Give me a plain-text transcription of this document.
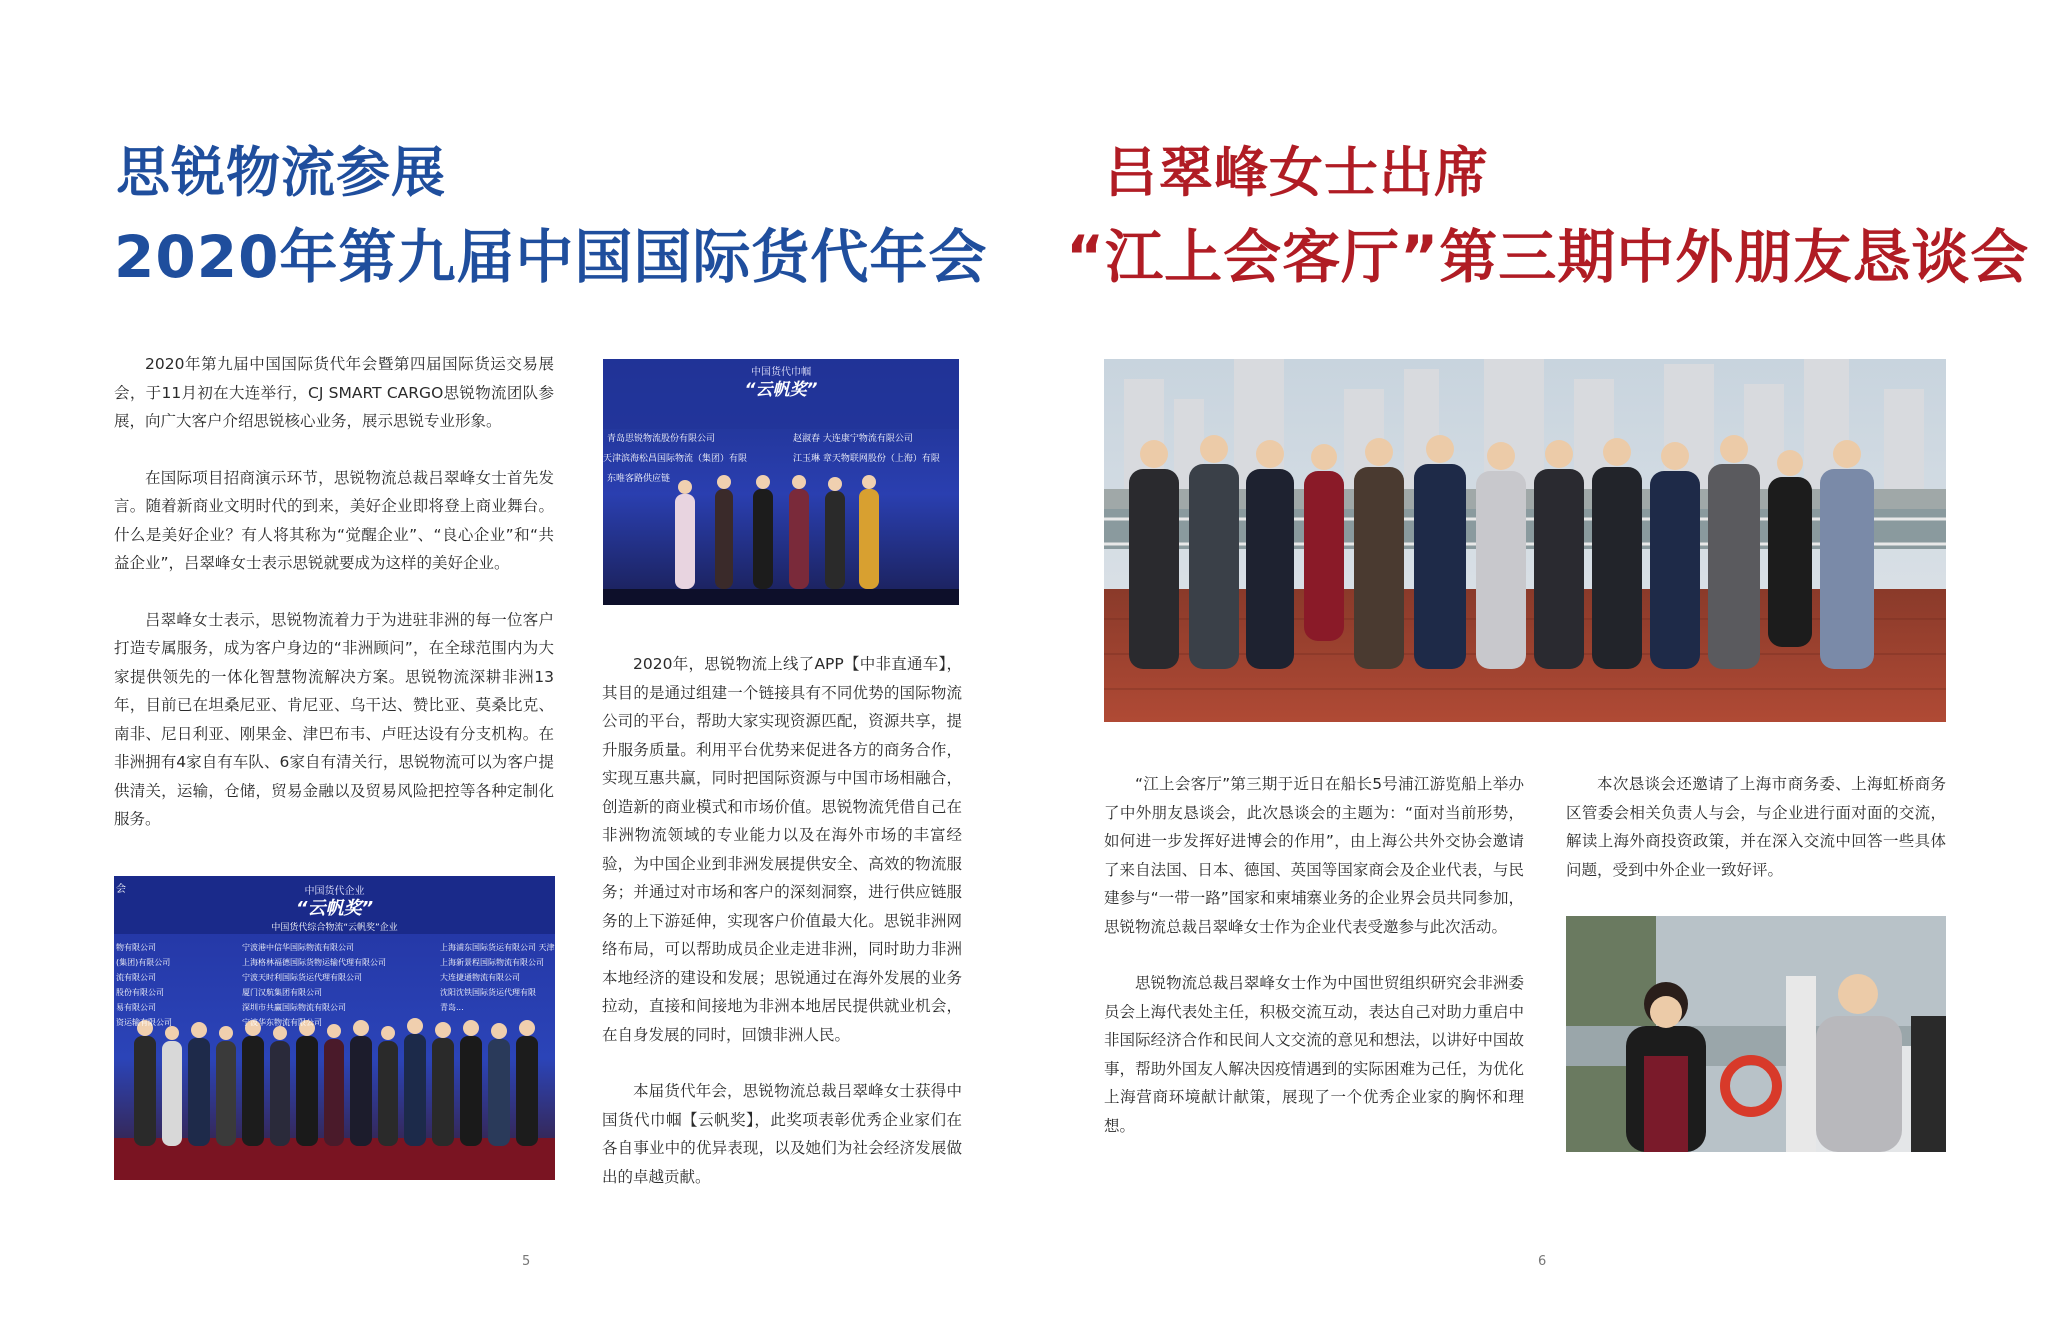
思锐物流参展
2020年第九届中国国际货代年会
吕翠峰女士出席
“江上会客厅”第三期中外朋友恳谈会

2020年第九届中国国际货代年会暨第四届国际货运交易展会，于11月初在大连举行，CJ SMART CARGO思锐物流团队参展，向广大客户介绍思锐核心业务，展示思锐专业形象。

在国际项目招商演示环节，思锐物流总裁吕翠峰女士首先发言。随着新商业文明时代的到来，美好企业即将登上商业舞台。什么是美好企业？有人将其称为“觉醒企业”、“良心企业”和“共益企业”，吕翠峰女士表示思锐就要成为这样的美好企业。

吕翠峰女士表示，思锐物流着力于为进驻非洲的每一位客户打造专属服务，成为客户身边的“非洲顾问”，在全球范围内为大家提供领先的一体化智慧物流解决方案。思锐物流深耕非洲13年，目前已在坦桑尼亚、肯尼亚、乌干达、赞比亚、莫桑比克、南非、尼日利亚、刚果金、津巴布韦、卢旺达设有分支机构。在非洲拥有4家自有车队、6家自有清关行，思锐物流可以为客户提供清关，运输，仓储，贸易金融以及贸易风险把控等各种定制化服务。

2020年，思锐物流上线了APP【中非直通车】，其目的是通过组建一个链接具有不同优势的国际物流公司的平台，帮助大家实现资源匹配，资源共享，提升服务质量。利用平台优势来促进各方的商务合作，实现互惠共赢，同时把国际资源与中国市场相融合，创造新的商业模式和市场价值。思锐物流凭借自己在非洲物流领域的专业能力以及在海外市场的丰富经验，为中国企业到非洲发展提供安全、高效的物流服务；并通过对市场和客户的深刻洞察，进行供应链服务的上下游延伸，实现客户价值最大化。思锐非洲网络布局，可以帮助成员企业走进非洲，同时助力非洲本地经济的建设和发展；思锐通过在海外发展的业务拉动，直接和间接地为非洲本地居民提供就业机会，在自身发展的同时，回馈非洲人民。

本届货代年会，思锐物流总裁吕翠峰女士获得中国货代巾帼【云帆奖】，此奖项表彰优秀企业家们在各自事业中的优异表现，以及她们为社会经济发展做出的卓越贡献。

中国货代巾帼
“云帆奖”
青岛思锐物流股份有限公司	赵淑春 大连康宁物流有限公司
天津滨海松昌国际物流（集团）有限	江玉琳 章天物联网股份（上海）有限
东唯客路供应链
会	中国货代企业
“云帆奖”
中国货代综合物流“云帆奖”企业
物有限公司
(集团)有限公司
流有限公司
股份有限公司
易有限公司
资运输有限公司
宁波港中信华国际物流有限公司
上海格林福德国际货物运输代理有限公司
宁波天时利国际货运代理有限公司
厦门汉航集团有限公司
深圳市共赢国际物流有限公司
宁波华东物流有限公司
上海浦东国际货运有限公司 天津
上海新景程国际物流有限公司
大连捷通物流有限公司
沈阳沈铁国际货运代理有限
青岛...

“江上会客厅”第三期于近日在船长5号浦江游览船上举办了中外朋友恳谈会，此次恳谈会的主题为：“面对当前形势，如何进一步发挥好进博会的作用”，由上海公共外交协会邀请了来自法国、日本、德国、英国等国家商会及企业代表，与民建参与“一带一路”国家和柬埔寨业务的企业界会员共同参加，思锐物流总裁吕翠峰女士作为企业代表受邀参与此次活动。

思锐物流总裁吕翠峰女士作为中国世贸组织研究会非洲委员会上海代表处主任，积极交流互动，表达自己对助力重启中非国际经济合作和民间人文交流的意见和想法，以讲好中国故事，帮助外国友人解决因疫情遇到的实际困难为己任，为优化上海营商环境献计献策，展现了一个优秀企业家的胸怀和理想。

本次恳谈会还邀请了上海市商务委、上海虹桥商务区管委会相关负责人与会，与企业进行面对面的交流，解读上海外商投资政策，并在深入交流中回答一些具体问题，受到中外企业一致好评。

5	6
